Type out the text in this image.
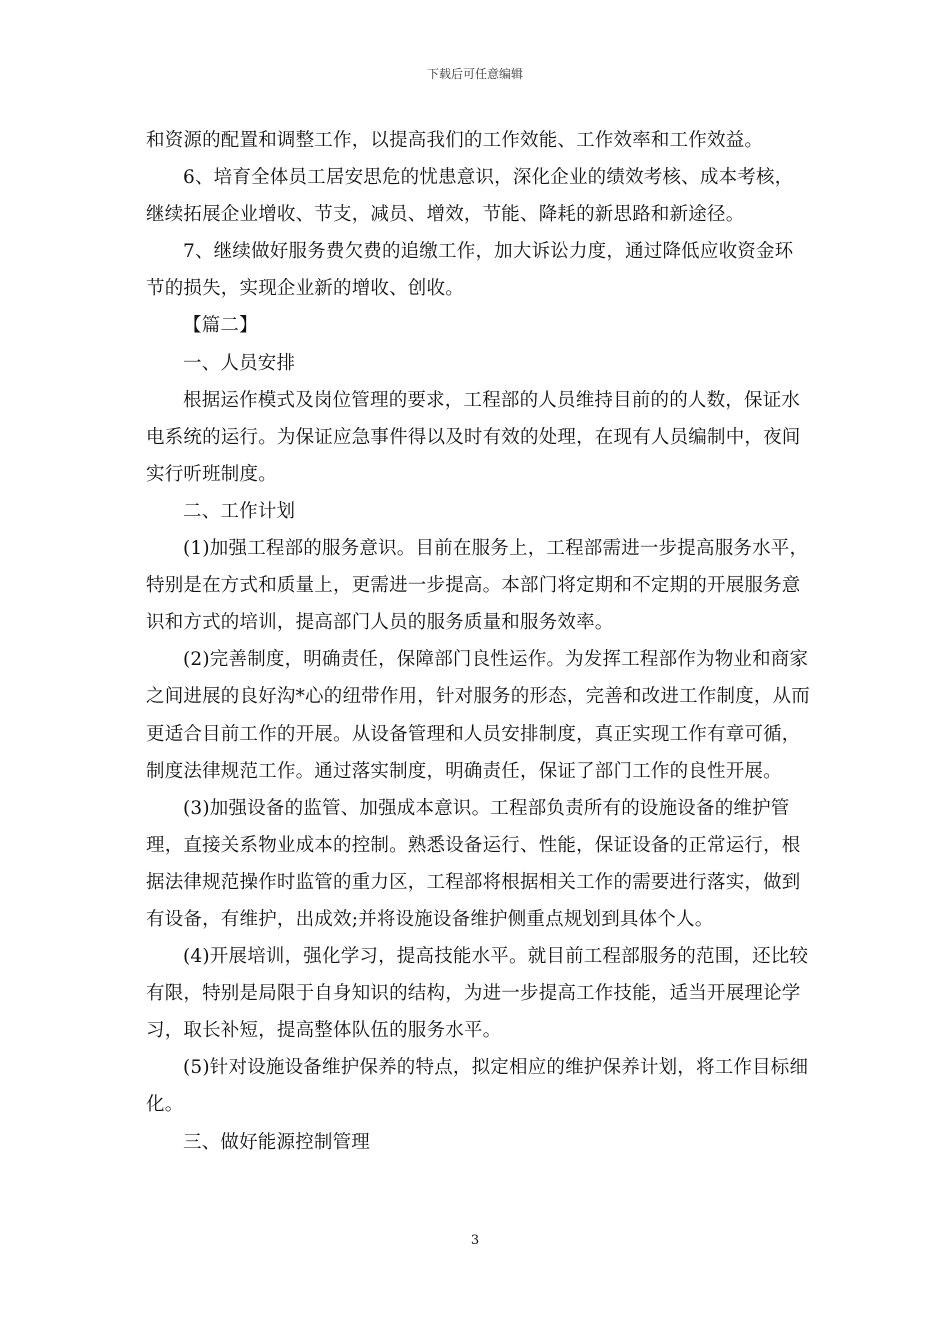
下载后可任意编辑

和资源的配置和调整工作，以提高我们的工作效能、工作效率和工作效益。

6、培育全体员工居安思危的忧患意识，深化企业的绩效考核、成本考核，继续拓展企业增收、节支，减员、增效，节能、降耗的新思路和新途径。

7、继续做好服务费欠费的追缴工作，加大诉讼力度，通过降低应收资金环节的损失，实现企业新的增收、创收。

【篇二】

一、人员安排

根据运作模式及岗位管理的要求，工程部的人员维持目前的的人数，保证水电系统的运行。为保证应急事件得以及时有效的处理，在现有人员编制中，夜间实行听班制度。

二、工作计划

(1)加强工程部的服务意识。目前在服务上，工程部需进一步提高服务水平，特别是在方式和质量上，更需进一步提高。本部门将定期和不定期的开展服务意识和方式的培训，提高部门人员的服务质量和服务效率。

(2)完善制度，明确责任，保障部门良性运作。为发挥工程部作为物业和商家之间进展的良好沟*心的纽带作用，针对服务的形态，完善和改进工作制度，从而更适合目前工作的开展。从设备管理和人员安排制度，真正实现工作有章可循，制度法律规范工作。通过落实制度，明确责任，保证了部门工作的良性开展。

(3)加强设备的监管、加强成本意识。工程部负责所有的设施设备的维护管理，直接关系物业成本的控制。熟悉设备运行、性能，保证设备的正常运行，根据法律规范操作时监管的重力区，工程部将根据相关工作的需要进行落实，做到有设备，有维护，出成效;并将设施设备维护侧重点规划到具体个人。

(4)开展培训，强化学习，提高技能水平。就目前工程部服务的范围，还比较有限，特别是局限于自身知识的结构，为进一步提高工作技能，适当开展理论学习，取长补短，提高整体队伍的服务水平。

(5)针对设施设备维护保养的特点，拟定相应的维护保养计划，将工作目标细化。

三、做好能源控制管理

3
